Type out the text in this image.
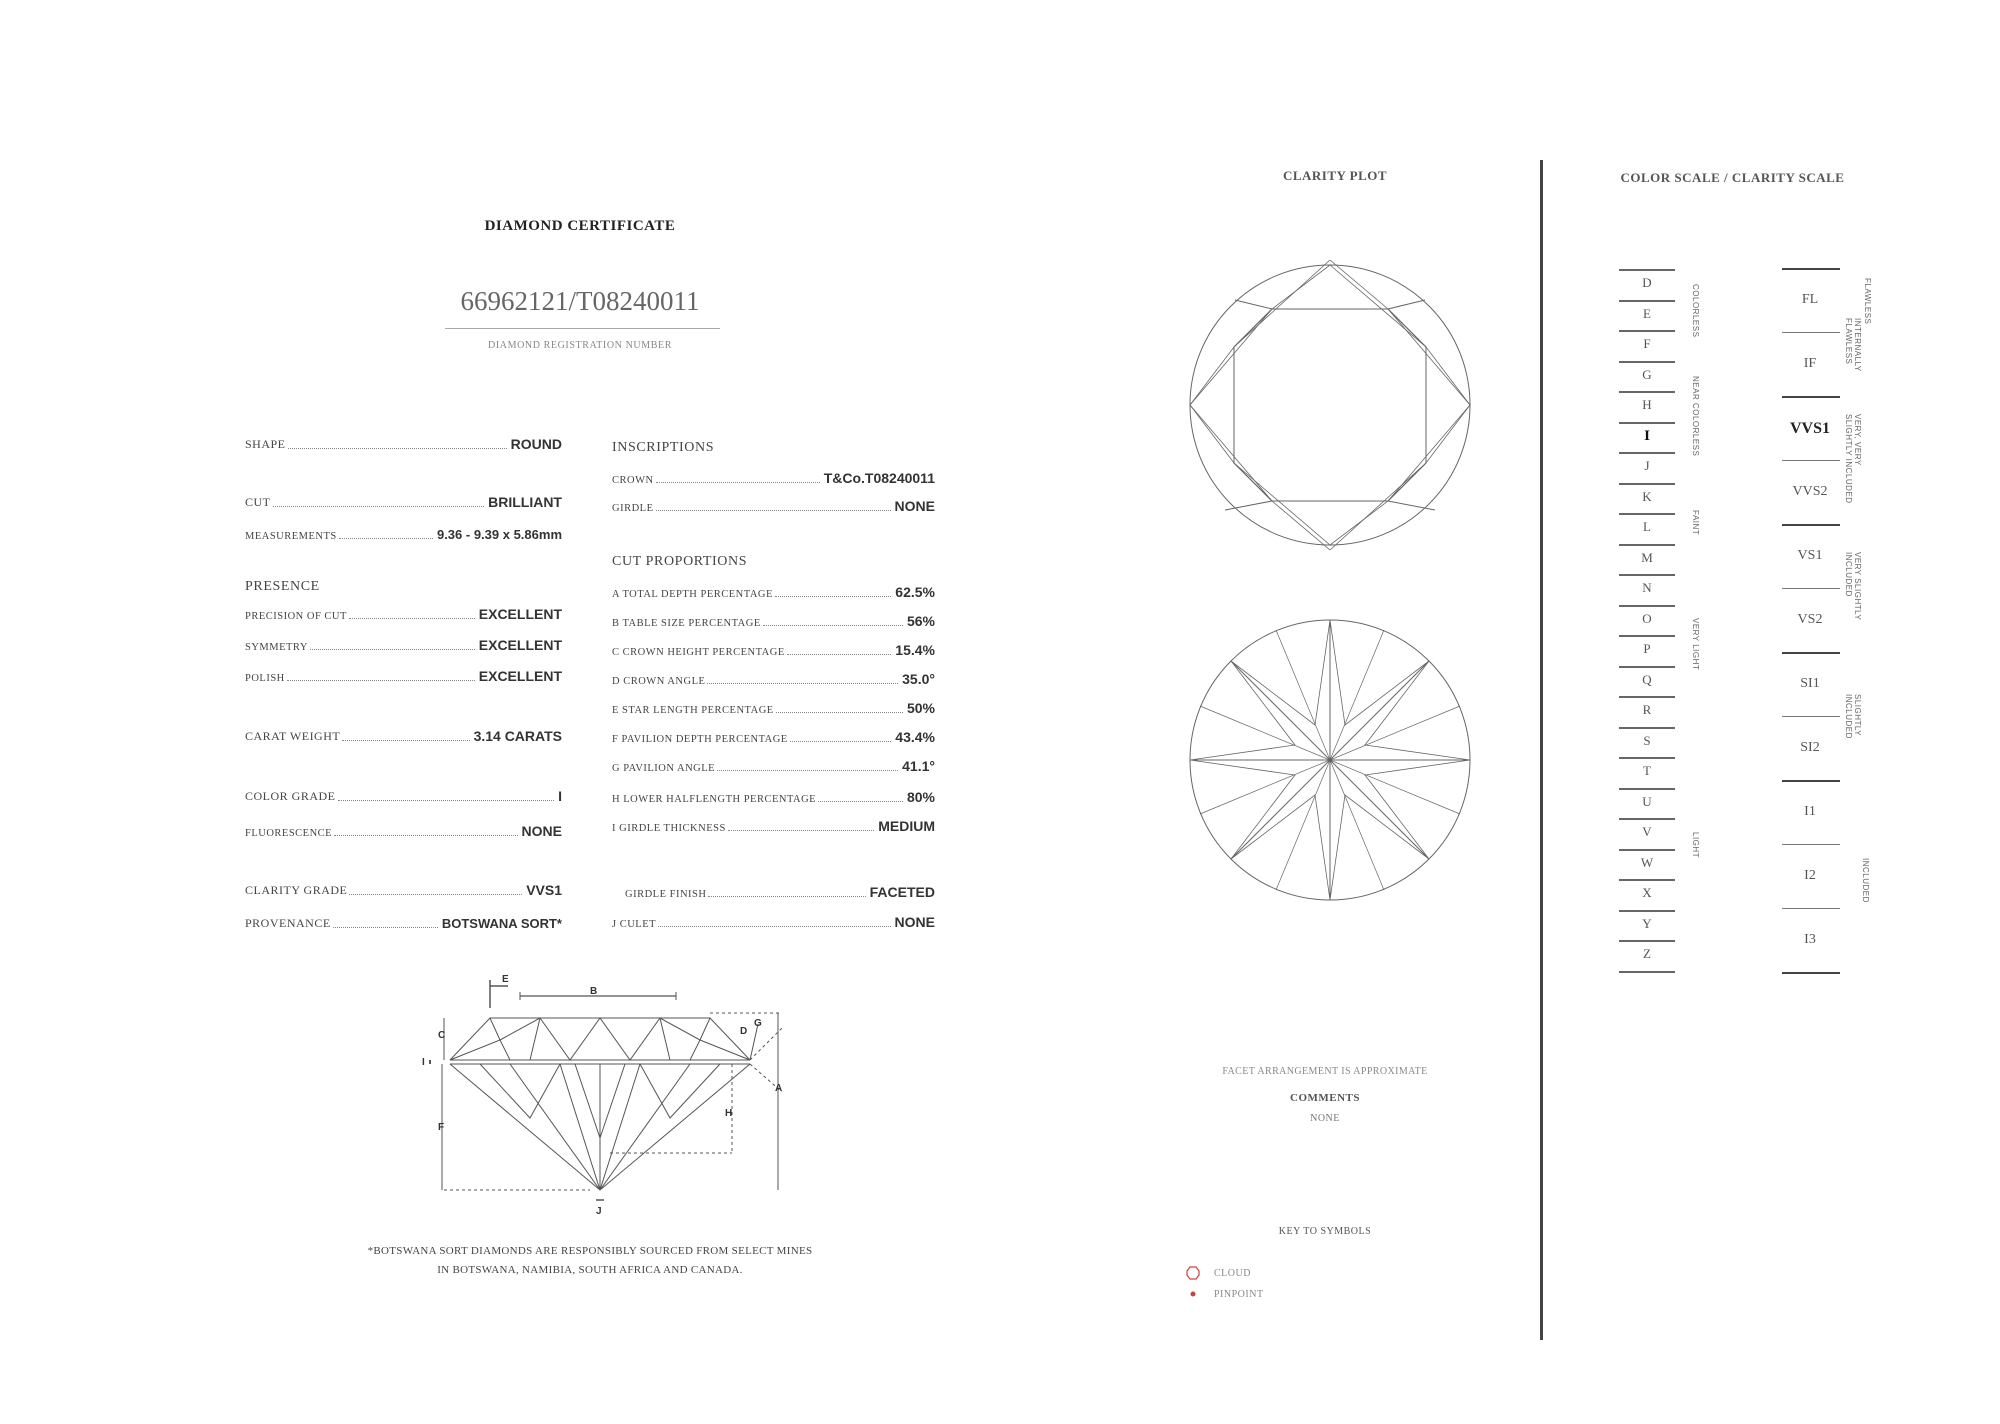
DIAMOND CERTIFICATE
66962121/T08240011
DIAMOND REGISTRATION NUMBER
SHAPE	ROUND
CUT	BRILLIANT
MEASUREMENTS	9.36 - 9.39 x 5.86mm
PRESENCE
PRECISION OF CUT	EXCELLENT
SYMMETRY	EXCELLENT
POLISH	EXCELLENT
CARAT WEIGHT	3.14 CARATS
COLOR GRADE	I
FLUORESCENCE	NONE
CLARITY GRADE	VVS1
PROVENANCE	BOTSWANA SORT*
INSCRIPTIONS
CROWN	T&Co.T08240011
GIRDLE	NONE
CUT PROPORTIONS
A TOTAL DEPTH PERCENTAGE	62.5%
B TABLE SIZE PERCENTAGE	56%
C CROWN HEIGHT PERCENTAGE	15.4%
D CROWN ANGLE	35.0°
E STAR LENGTH PERCENTAGE	50%
F PAVILION DEPTH PERCENTAGE	43.4%
G PAVILION ANGLE	41.1°
H LOWER HALFLENGTH PERCENTAGE	80%
I GIRDLE THICKNESS	MEDIUM
GIRDLE FINISH	FACETED
J CULET	NONE
E
B
C
I
D
G
A
H
F
J
*BOTSWANA SORT DIAMONDS ARE RESPONSIBLY SOURCED FROM SELECT MINES
IN BOTSWANA, NAMIBIA, SOUTH AFRICA AND CANADA.
CLARITY PLOT
FACET ARRANGEMENT IS APPROXIMATE
COMMENTS
NONE
KEY TO SYMBOLS
CLOUD
PINPOINT
COLOR SCALE / CLARITY SCALE
D
E
F
G
H
I
J
K
L
M
N
O
P
Q
R
S
T
U
V
W
X
Y
Z
FL
IF
VVS1
VVS2
VS1
VS2
SI1
SI2
I1
I2
I3
COLORLESS
NEAR COLORLESS
FAINT
VERY LIGHT
LIGHT
FLAWLESS
INTERNALLY FLAWLESS
VERY, VERY SLIGHTLY INCLUDED
VERY SLIGHTLY INCLUDED
SLIGHTLY INCLUDED
INCLUDED
